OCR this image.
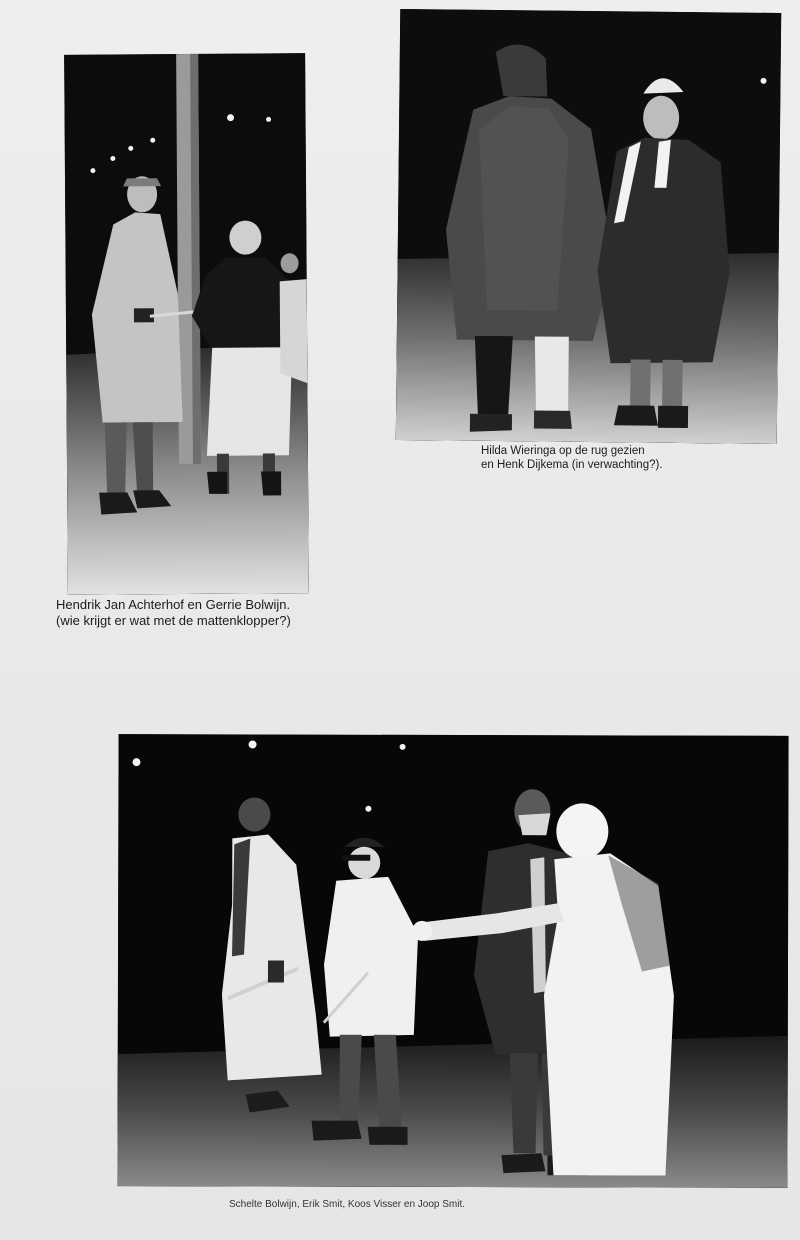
Hendrik Jan Achterhof en Gerrie Bolwijn.
(wie krijgt er wat met de mattenklopper?)
Hilda Wieringa op de rug gezien
en Henk Dijkema (in verwachting?).
Schelte Bolwijn, Erik Smit, Koos Visser en Joop Smit.
